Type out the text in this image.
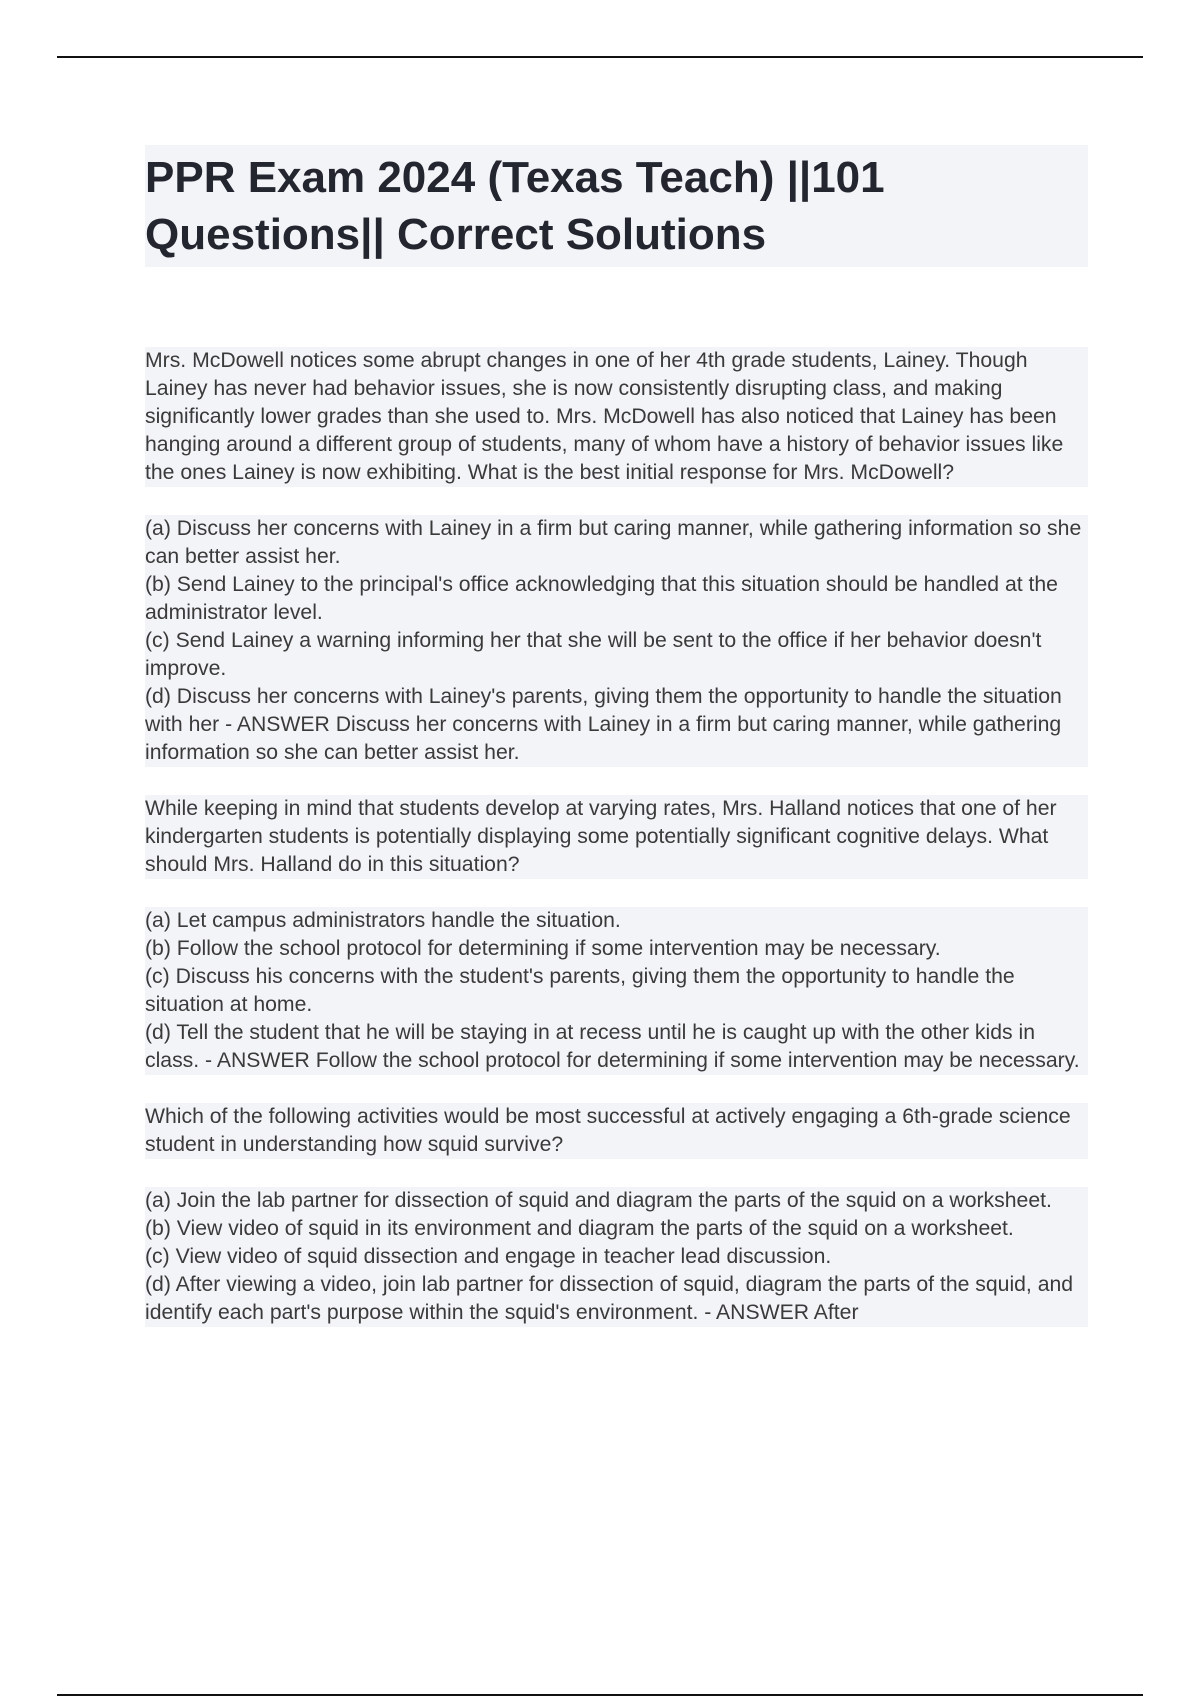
PPR Exam 2024 (Texas Teach) ||101 Questions|| Correct Solutions

Mrs. McDowell notices some abrupt changes in one of her 4th grade students, Lainey. Though Lainey has never had behavior issues, she is now consistently disrupting class, and making significantly lower grades than she used to. Mrs. McDowell has also noticed that Lainey has been hanging around a different group of students, many of whom have a history of behavior issues like the ones Lainey is now exhibiting. What is the best initial response for Mrs. McDowell?

(a) Discuss her concerns with Lainey in a firm but caring manner, while gathering information so she can better assist her.
(b) Send Lainey to the principal's office acknowledging that this situation should be handled at the administrator level.
(c) Send Lainey a warning informing her that she will be sent to the office if her behavior doesn't improve.
(d) Discuss her concerns with Lainey's parents, giving them the opportunity to handle the situation with her - ANSWER Discuss her concerns with Lainey in a firm but caring manner, while gathering information so she can better assist her.

While keeping in mind that students develop at varying rates, Mrs. Halland notices that one of her kindergarten students is potentially displaying some potentially significant cognitive delays. What should Mrs. Halland do in this situation?

(a) Let campus administrators handle the situation.
(b) Follow the school protocol for determining if some intervention may be necessary.
(c) Discuss his concerns with the student's parents, giving them the opportunity to handle the situation at home.
(d) Tell the student that he will be staying in at recess until he is caught up with the other kids in class. - ANSWER Follow the school protocol for determining if some intervention may be necessary.

Which of the following activities would be most successful at actively engaging a 6th-grade science student in understanding how squid survive?

(a) Join the lab partner for dissection of squid and diagram the parts of the squid on a worksheet.
(b) View video of squid in its environment and diagram the parts of the squid on a worksheet.
(c) View video of squid dissection and engage in teacher lead discussion.
(d) After viewing a video, join lab partner for dissection of squid, diagram the parts of the squid, and identify each part's purpose within the squid's environment. - ANSWER After
